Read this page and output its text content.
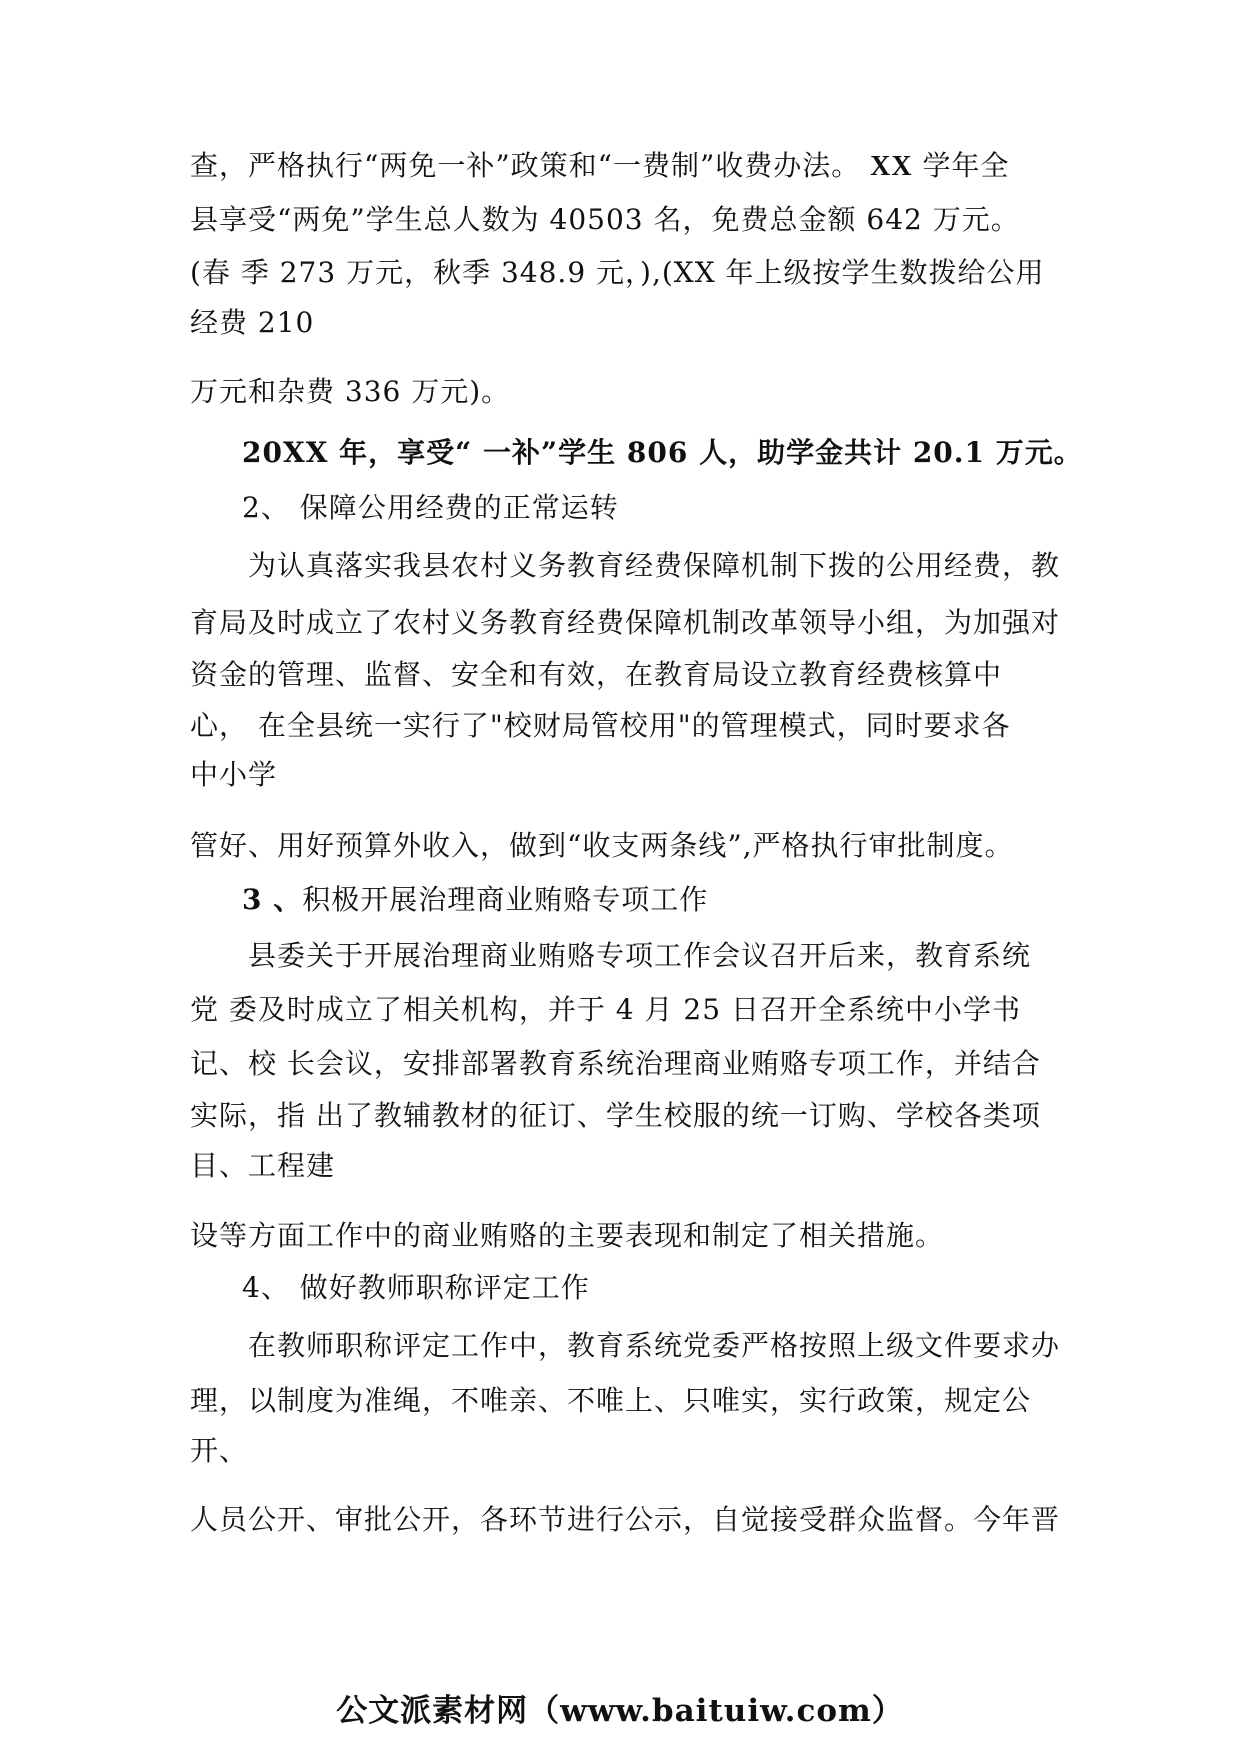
查，严格执行“两免一补”政策和“一费制”收费办法。 XX 学年全
县享受“两免”学生总人数为 40503 名，免费总金额 642 万元。
(春 季 273 万元，秋季 348.9 元，),(XX 年上级按学生数拨给公用
经费 210
万元和杂费 336 万元)。
20XX 年，享受“ 一补”学生 806 人，助学金共计 20.1 万元。
2、 保障公用经费的正常运转
为认真落实我县农村义务教育经费保障机制下拨的公用经费，教
育局及时成立了农村义务教育经费保障机制改革领导小组，为加强对
资金的管理、监督、安全和有效，在教育局设立教育经费核算中
心， 在全县统一实行了"校财局管校用"的管理模式，同时要求各
中小学
管好、用好预算外收入，做到“收支两条线”,严格执行审批制度。
3 、积极开展治理商业贿赂专项工作
县委关于开展治理商业贿赂专项工作会议召开后来，教育系统
党 委及时成立了相关机构，并于 4 月 25 日召开全系统中小学书
记、校 长会议，安排部署教育系统治理商业贿赂专项工作，并结合
实际，指 出了教辅教材的征订、学生校服的统一订购、学校各类项
目、工程建
设等方面工作中的商业贿赂的主要表现和制定了相关措施。
4、 做好教师职称评定工作
在教师职称评定工作中，教育系统党委严格按照上级文件要求办
理，以制度为准绳，不唯亲、不唯上、只唯实，实行政策，规定公
开、
人员公开、审批公开，各环节进行公示，自觉接受群众监督。今年晋
公文派素材网（www.baituiw.com）
